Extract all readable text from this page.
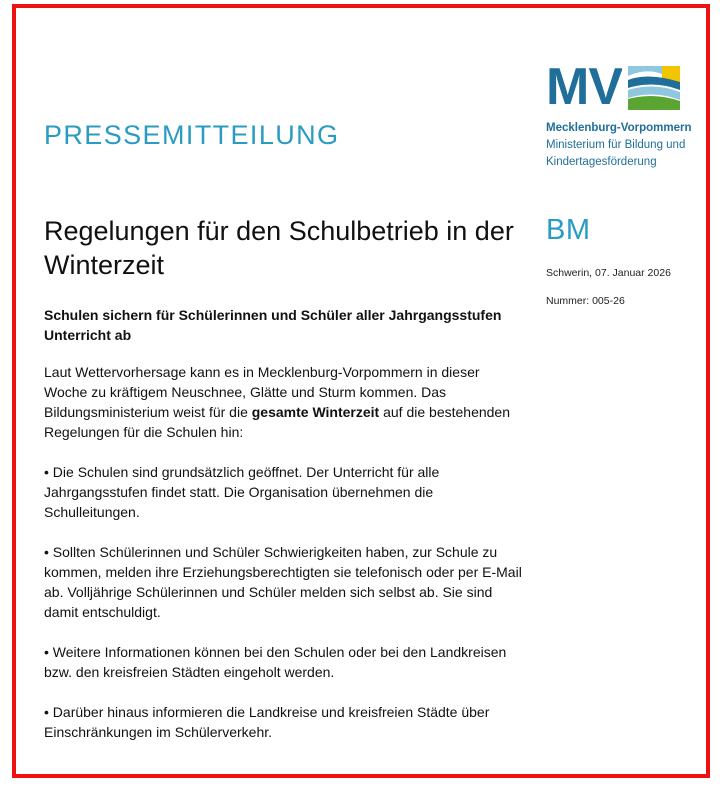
PRESSEMITTEILUNG
MV
Mecklenburg-Vorpommern
Ministerium für Bildung und
Kindertagesförderung
Regelungen für den Schulbetrieb in der Winterzeit
BM
Schwerin, 07. Januar 2026
Nummer: 005-26
Schulen sichern für Schülerinnen und Schüler aller Jahrgangsstufen Unterricht ab

Laut Wettervorhersage kann es in Mecklenburg-Vorpommern in dieser Woche zu kräftigem Neuschnee, Glätte und Sturm kommen. Das Bildungsministerium weist für die gesamte Winterzeit auf die bestehenden Regelungen für die Schulen hin:

• Die Schulen sind grundsätzlich geöffnet. Der Unterricht für alle Jahrgangsstufen findet statt. Die Organisation übernehmen die Schulleitungen.

• Sollten Schülerinnen und Schüler Schwierigkeiten haben, zur Schule zu kommen, melden ihre Erziehungsberechtigten sie telefonisch oder per E-Mail ab. Volljährige Schülerinnen und Schüler melden sich selbst ab. Sie sind damit entschuldigt.

• Weitere Informationen können bei den Schulen oder bei den Landkreisen bzw. den kreisfreien Städten eingeholt werden.

• Darüber hinaus informieren die Landkreise und kreisfreien Städte über Einschränkungen im Schülerverkehr.
